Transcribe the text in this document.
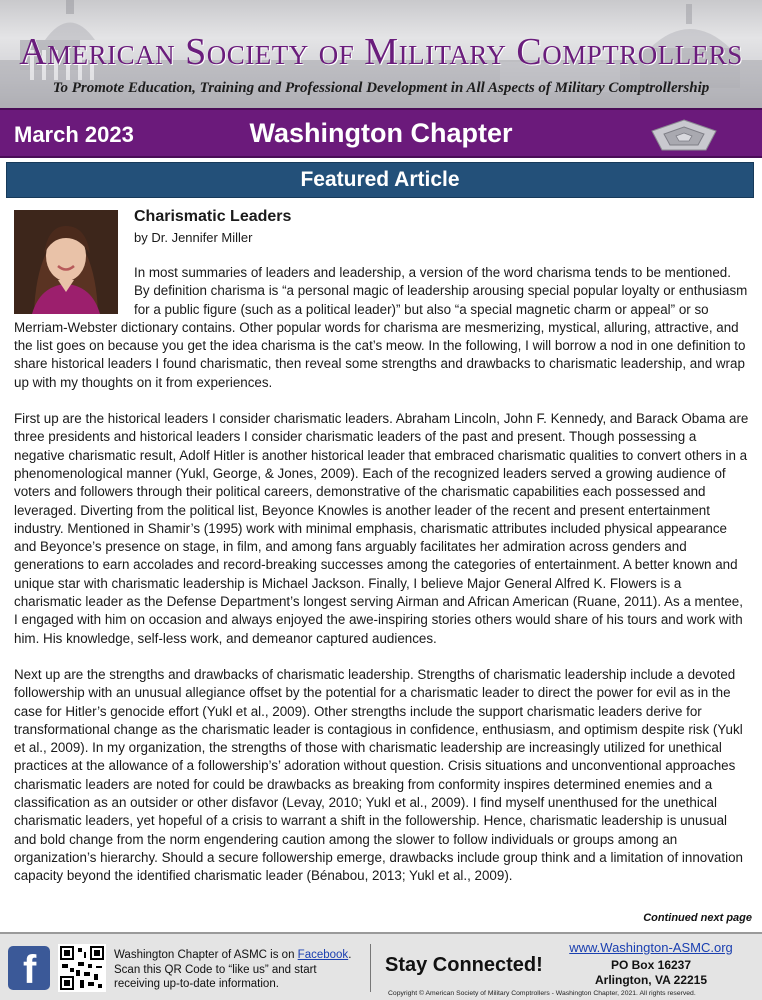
American Society of Military Comptrollers
To Promote Education, Training and Professional Development in All Aspects of Military Comptrollership
March 2023	Washington Chapter
Featured Article
Charismatic Leaders
by Dr. Jennifer Miller

In most summaries of leaders and leadership, a version of the word charisma tends to be mentioned. By definition charisma is “a personal magic of leadership arousing special popular loyalty or enthusiasm for a public figure (such as a political leader)” but also “a special magnetic charm or appeal” or so Merriam-Webster dictionary contains. Other popular words for charisma are mesmerizing, mystical, alluring, attractive, and the list goes on because you get the idea charisma is the cat’s meow. In the following, I will borrow a nod in one definition to share historical leaders I found charismatic, then reveal some strengths and drawbacks to charismatic leadership, and wrap up with my thoughts on it from experiences.

First up are the historical leaders I consider charismatic leaders. Abraham Lincoln, John F. Kennedy, and Barack Obama are three presidents and historical leaders I consider charismatic leaders of the past and present. Though possessing a negative charismatic result, Adolf Hitler is another historical leader that embraced charismatic qualities to convert others in a phenomenological manner (Yukl, George, & Jones, 2009). Each of the recognized leaders served a growing audience of voters and followers through their political careers, demonstrative of the charismatic capabilities each possessed and leveraged. Diverting from the political list, Beyonce Knowles is another leader of the recent and present entertainment industry. Mentioned in Shamir’s (1995) work with minimal emphasis, charismatic attributes included physical appearance and Beyonce’s presence on stage, in film, and among fans arguably facilitates her admiration across genders and generations to earn accolades and record-breaking successes among the categories of entertainment. A better known and unique star with charismatic leadership is Michael Jackson. Finally, I believe Major General Alfred K. Flowers is a charismatic leader as the Defense Department’s longest serving Airman and African American (Ruane, 2011). As a mentee, I engaged with him on occasion and always enjoyed the awe-inspiring stories others would share of his tours and work with him. His knowledge, self-less work, and demeanor captured audiences.

Next up are the strengths and drawbacks of charismatic leadership. Strengths of charismatic leadership include a devoted followership with an unusual allegiance offset by the potential for a charismatic leader to direct the power for evil as in the case for Hitler’s genocide effort (Yukl et al., 2009). Other strengths include the support charismatic leaders derive for transformational change as the charismatic leader is contagious in confidence, enthusiasm, and optimism despite risk (Yukl et al., 2009). In my organization, the strengths of those with charismatic leadership are increasingly utilized for unethical practices at the allowance of a followership’s’ adoration without question. Crisis situations and unconventional approaches charismatic leaders are noted for could be drawbacks as breaking from conformity inspires determined enemies and a classification as an outsider or other disfavor (Levay, 2010; Yukl et al., 2009). I find myself unenthused for the unethical charismatic leaders, yet hopeful of a crisis to warrant a shift in the followership. Hence, charismatic leadership is unusual and bold change from the norm engendering caution among the slower to follow individuals or groups among an organization’s hierarchy. Should a secure followership emerge, drawbacks include group think and a limitation of innovation capacity beyond the identified charismatic leader (Bénabou, 2013; Yukl et al., 2009).

Continued next page
f	Washington Chapter of ASMC is on Facebook. Scan this QR Code to “like us” and start receiving up-to-date information.
Stay Connected!
www.Washington-ASMC.org
PO Box 16237
Arlington, VA 22215
Copyright © American Society of Military Comptrollers - Washington Chapter, 2021. All rights reserved.
